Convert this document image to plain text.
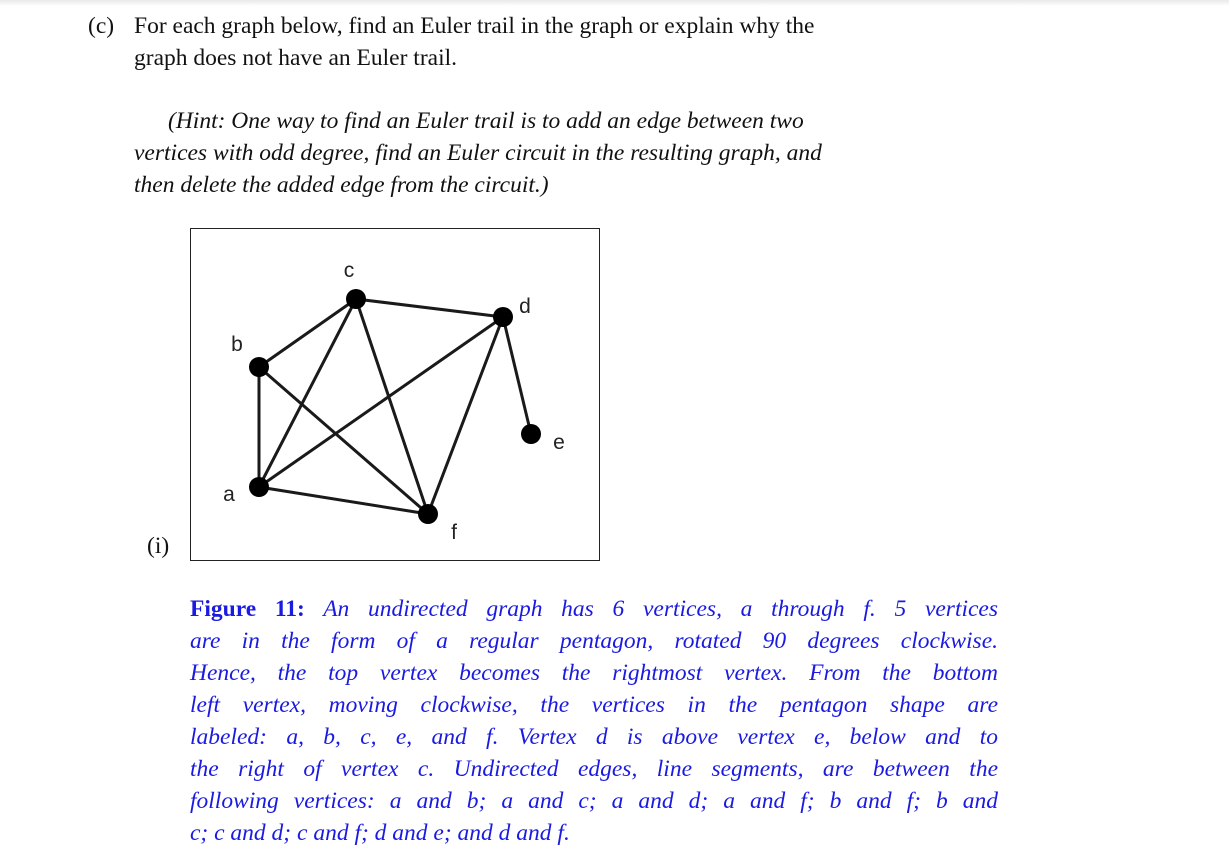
(c) For each graph below, find an Euler trail in the graph or explain why the
graph does not have an Euler trail.
(Hint: One way to find an Euler trail is to add an edge between two
vertices with odd degree, find an Euler circuit in the resulting graph, and
then delete the added edge from the circuit.)
(i)
a
b
c
d
e
f
Figure 11: An undirected graph has 6 vertices, a through f. 5 vertices
are in the form of a regular pentagon, rotated 90 degrees clockwise.
Hence, the top vertex becomes the rightmost vertex. From the bottom
left vertex, moving clockwise, the vertices in the pentagon shape are
labeled: a, b, c, e, and f. Vertex d is above vertex e, below and to
the right of vertex c. Undirected edges, line segments, are between the
following vertices: a and b; a and c; a and d; a and f; b and f; b and
c; c and d; c and f; d and e; and d and f.
